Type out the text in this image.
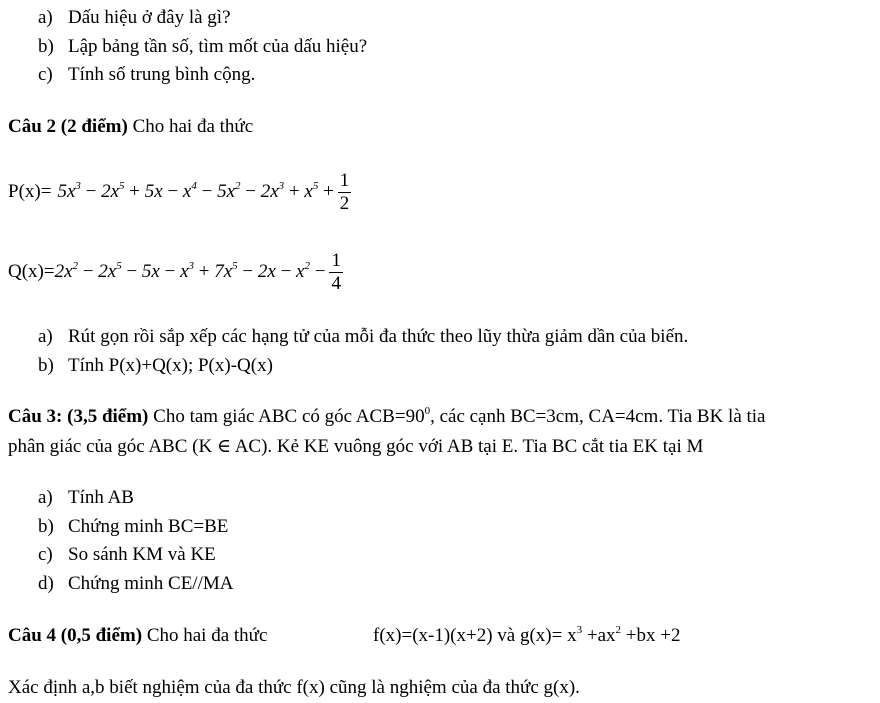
a) Dấu hiệu ở đây là gì?
b) Lập bảng tần số, tìm mốt của dấu hiệu?
c) Tính số trung bình cộng.
Câu 2 (2 điểm) Cho hai đa thức
$P(x)= 5x^3 - 2x^5 + 5x - x^4 - 5x^2 - 2x^3 + x^5 + \frac{1}{2}$
$Q(x)=2x^2 - 2x^5 - 5x - x^3 + 7x^5 - 2x - x^2 - \frac{1}{4}$
a) Rút gọn rồi sắp xếp các hạng tử của mỗi đa thức theo lũy thừa giảm dần của biến.
b) Tính P(x)+Q(x); P(x)-Q(x)
Câu 3: (3,5 điểm) Cho tam giác ABC có góc $ACB=90^0$, các cạnh BC=3cm, CA=4cm. Tia BK là tia
phân giác của góc ABC (K ∈ AC). Kẻ KE vuông góc với AB tại E. Tia BC cắt tia EK tại M
a) Tính AB
b) Chứng minh BC=BE
c) So sánh KM và KE
d) Chứng minh CE//MA
Câu 4 (0,5 điểm) Cho hai đa thức	f(x)=(x-1)(x+2) và $g(x)= x^3 +ax^2 +bx +2$
Xác định a,b biết nghiệm của đa thức f(x) cũng là nghiệm của đa thức g(x).
